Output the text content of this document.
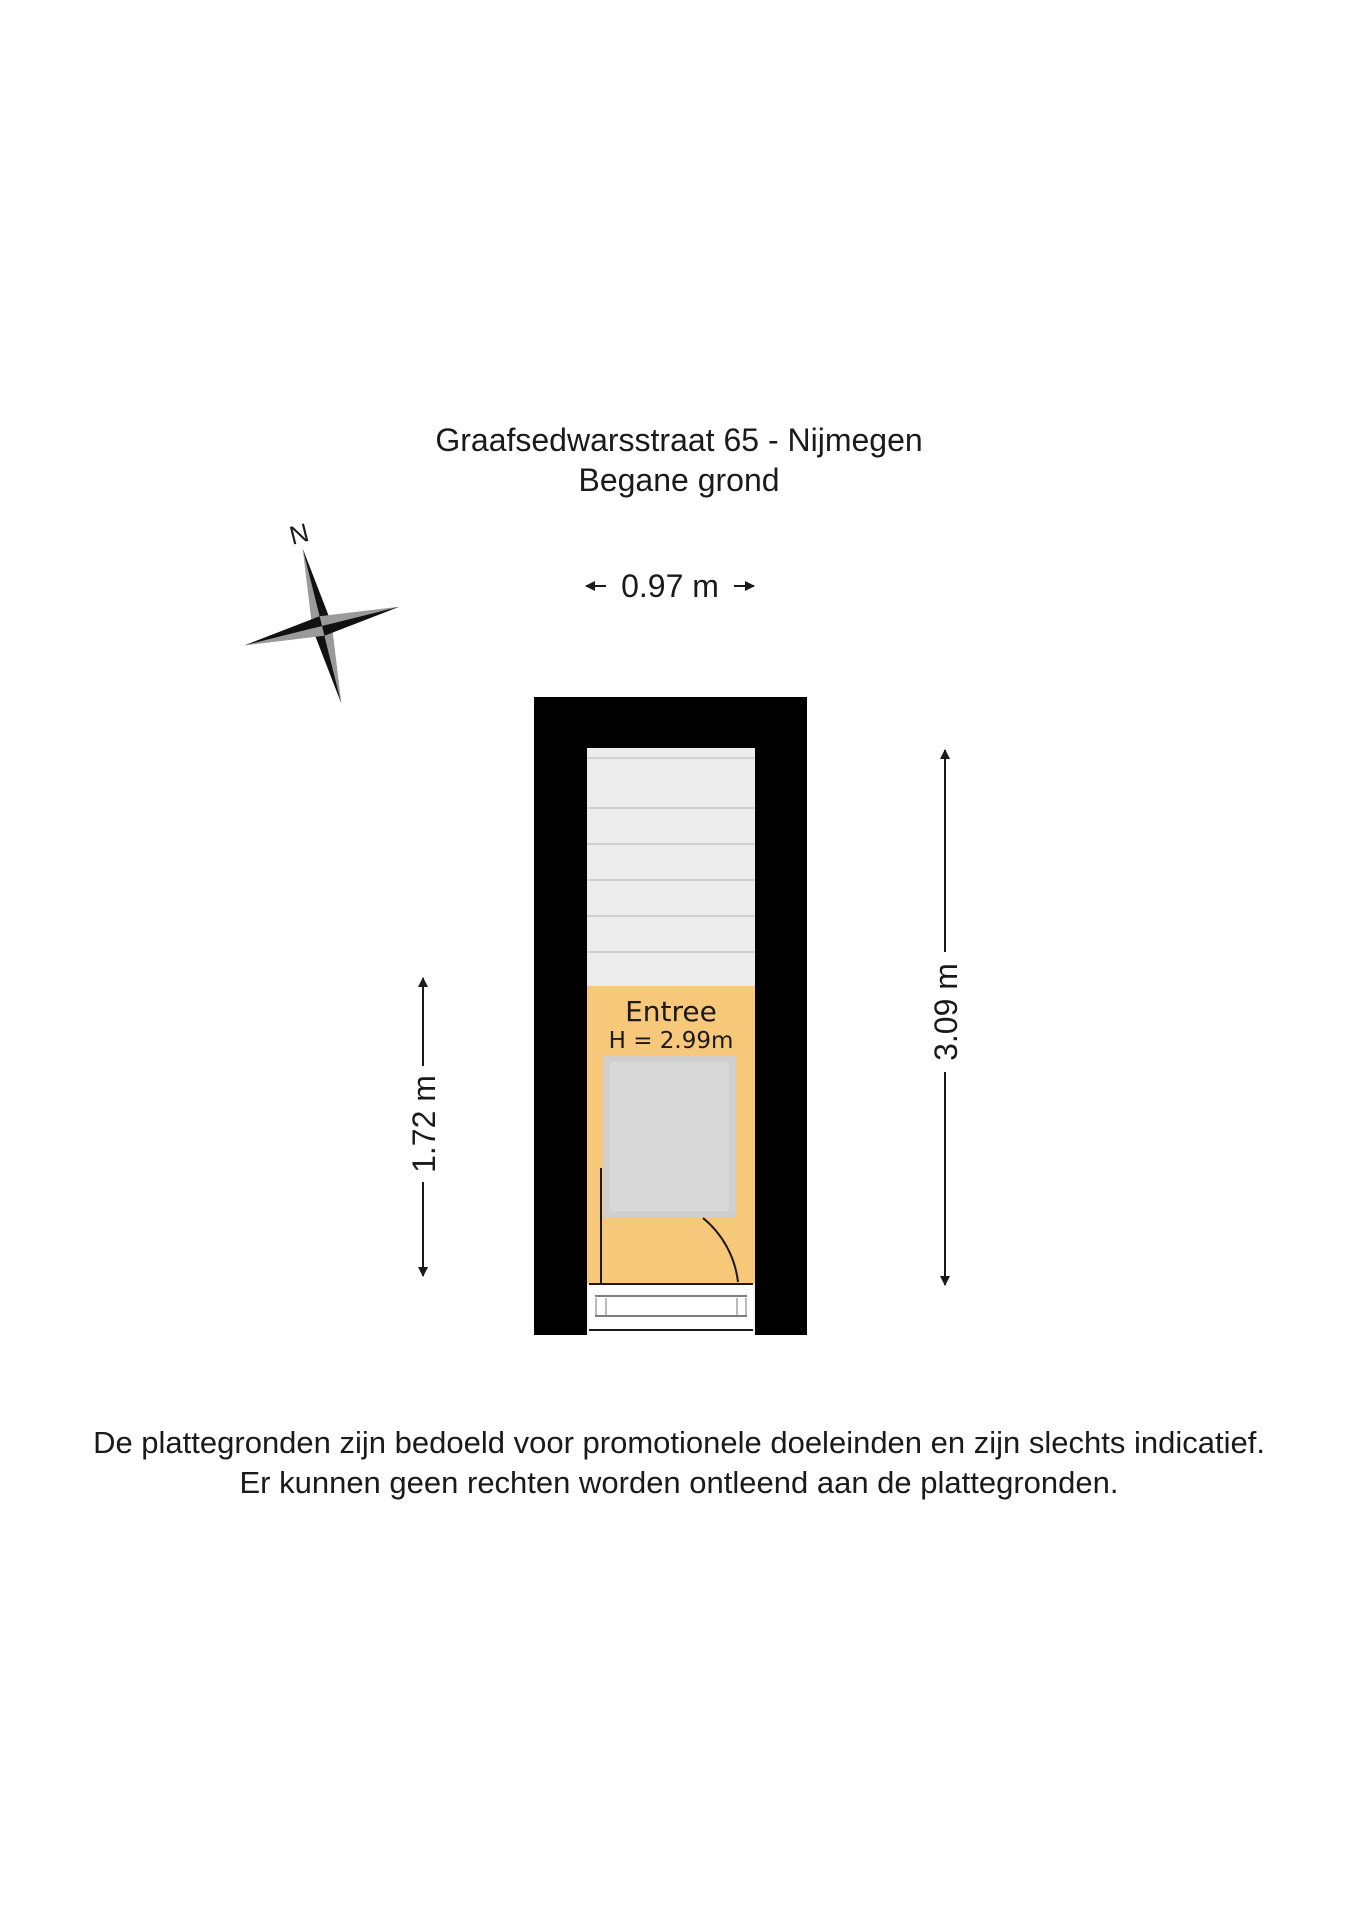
Graafsedwarsstraat 65 - Nijmegen
Begane grond
N
0.97 m
Entree
H = 2.99m	3.09 m
1.72 m
De plattegronden zijn bedoeld voor promotionele doeleinden en zijn slechts indicatief.
Er kunnen geen rechten worden ontleend aan de plattegronden.
